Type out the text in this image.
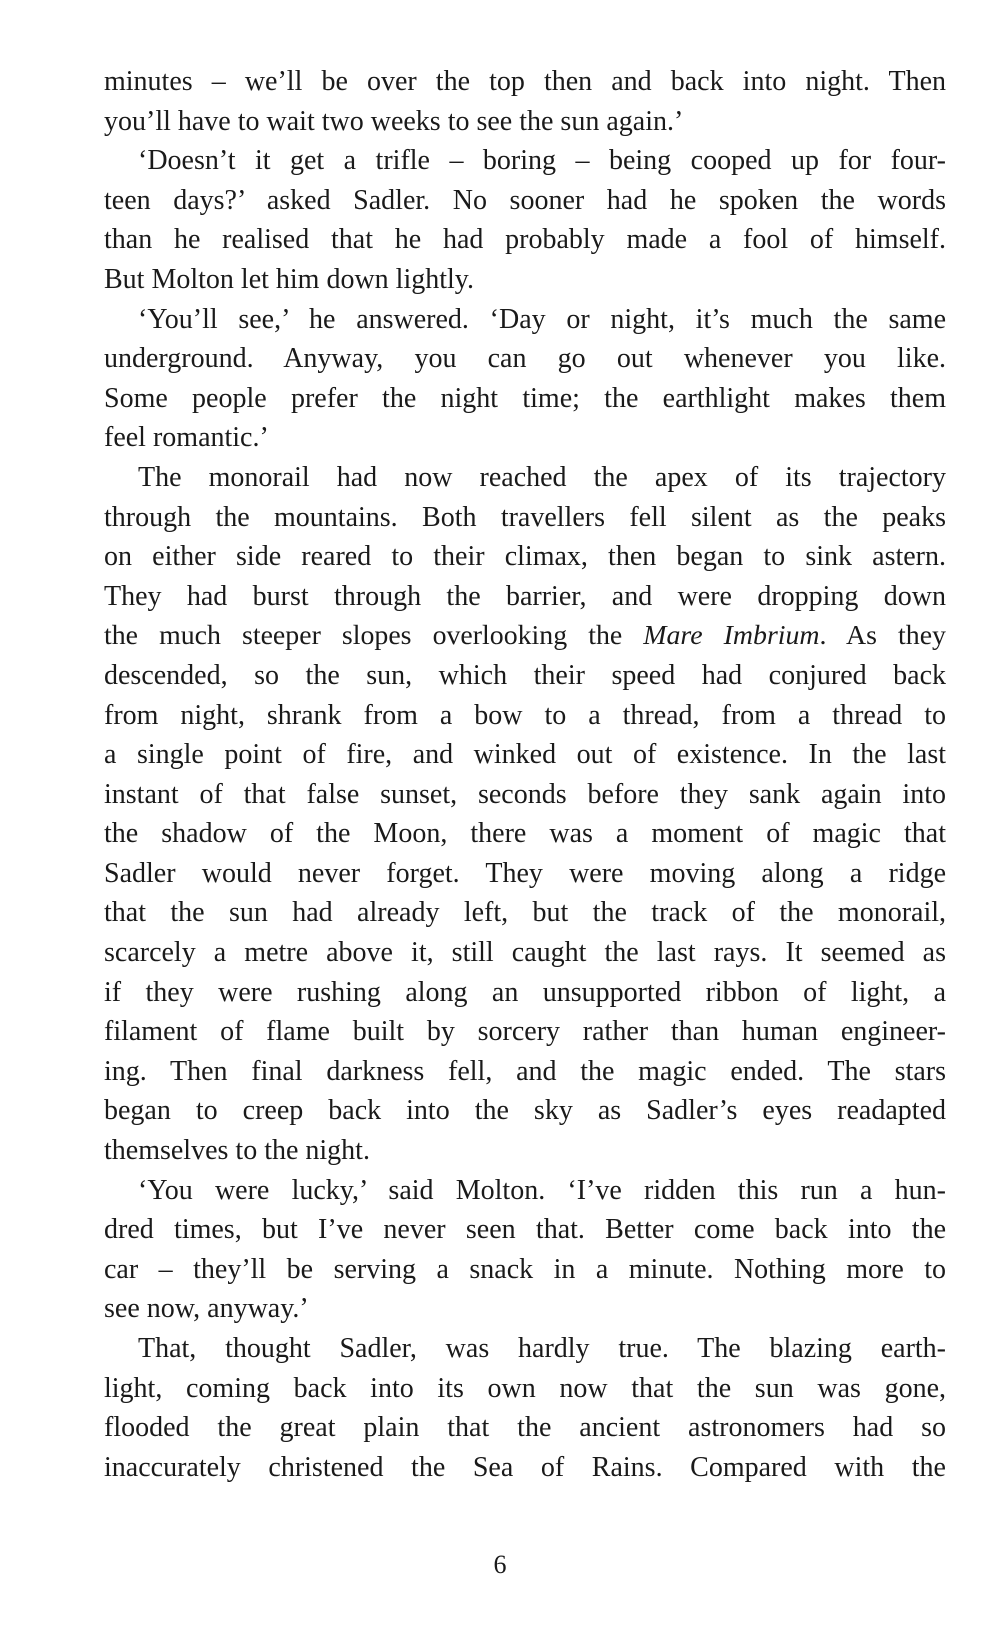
minutes – we’ll be over the top then and back into night. Then
you’ll have to wait two weeks to see the sun again.’
‘Doesn’t it get a trifle – boring – being cooped up for four-
teen days?’ asked Sadler. No sooner had he spoken the words
than he realised that he had probably made a fool of himself.
But Molton let him down lightly.
‘You’ll see,’ he answered. ‘Day or night, it’s much the same
underground. Anyway, you can go out whenever you like.
Some people prefer the night time; the earthlight makes them
feel romantic.’
The monorail had now reached the apex of its trajectory
through the mountains. Both travellers fell silent as the peaks
on either side reared to their climax, then began to sink astern.
They had burst through the barrier, and were dropping down
the much steeper slopes overlooking the Mare Imbrium. As they
descended, so the sun, which their speed had conjured back
from night, shrank from a bow to a thread, from a thread to
a single point of fire, and winked out of existence. In the last
instant of that false sunset, seconds before they sank again into
the shadow of the Moon, there was a moment of magic that
Sadler would never forget. They were moving along a ridge
that the sun had already left, but the track of the monorail,
scarcely a metre above it, still caught the last rays. It seemed as
if they were rushing along an unsupported ribbon of light, a
filament of flame built by sorcery rather than human engineer-
ing. Then final darkness fell, and the magic ended. The stars
began to creep back into the sky as Sadler’s eyes readapted
themselves to the night.
‘You were lucky,’ said Molton. ‘I’ve ridden this run a hun-
dred times, but I’ve never seen that. Better come back into the
car – they’ll be serving a snack in a minute. Nothing more to
see now, anyway.’
That, thought Sadler, was hardly true. The blazing earth-
light, coming back into its own now that the sun was gone,
flooded the great plain that the ancient astronomers had so
inaccurately christened the Sea of Rains. Compared with the
6
